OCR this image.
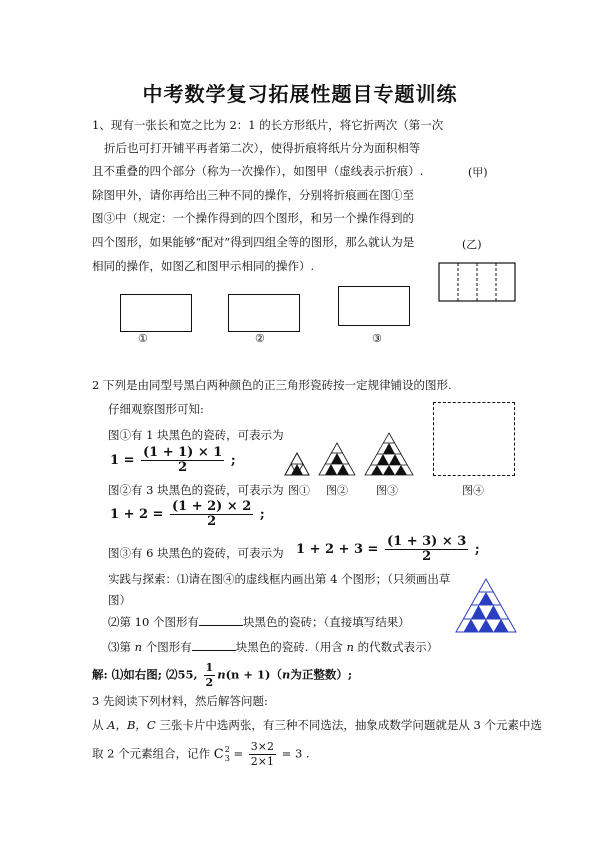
中考数学复习拓展性题目专题训练
1、现有一张长和宽之比为 2：1 的长方形纸片，将它折两次（第一次
折后也可打开铺平再者第二次），使得折痕将纸片分为面积相等
且不重叠的四个部分（称为一次操作），如图甲（虚线表示折痕）.
除图甲外，请你再给出三种不同的操作，分别将折痕画在图①至
图③中（规定：一个操作得到的四个图形，和另一个操作得到的
四个图形，如果能够“配对”得到四组全等的图形，那么就认为是
相同的操作，如图乙和图甲示相同的操作）.
(甲)
(乙)
①	②	③
2 下列是由同型号黑白两种颜色的正三角形瓷砖按一定规律铺设的图形.
仔细观察图形可知:
图①有 1 块黑色的瓷砖，可表示为
$1 = \frac{(1 + 1) \times 1}{2}$ ;
图②有 3 块黑色的瓷砖，可表示为
$1 + 2 = \frac{(1 + 2) \times 2}{2}$ ;
图③有 6 块黑色的瓷砖，可表示为 $1 + 2 + 3 = \frac{(1 + 3) \times 3}{2}$ ;
图① 图②	图③	图④
实践与探索：⑴请在图④的虚线框内画出第 4 个图形；（只须画出草
图）
⑵第 10 个图形有	块黑色的瓷砖；（直接填写结果）
⑶第 n 个图形有	块黑色的瓷砖.（用含 n 的代数式表示）
解: ⑴如右图; ⑵55, $\frac{1}{2} n(n + 1)(n$为正整数）;
3 先阅读下列材料，然后解答问题:
从 A，B，C 三张卡片中选两张，有三种不同选法，抽象成数学问题就是从 3 个元素中选
取 2 个元素组合，记作 C 2
$3 = \frac{3\times 2}{2\times 1} = 3$ .
